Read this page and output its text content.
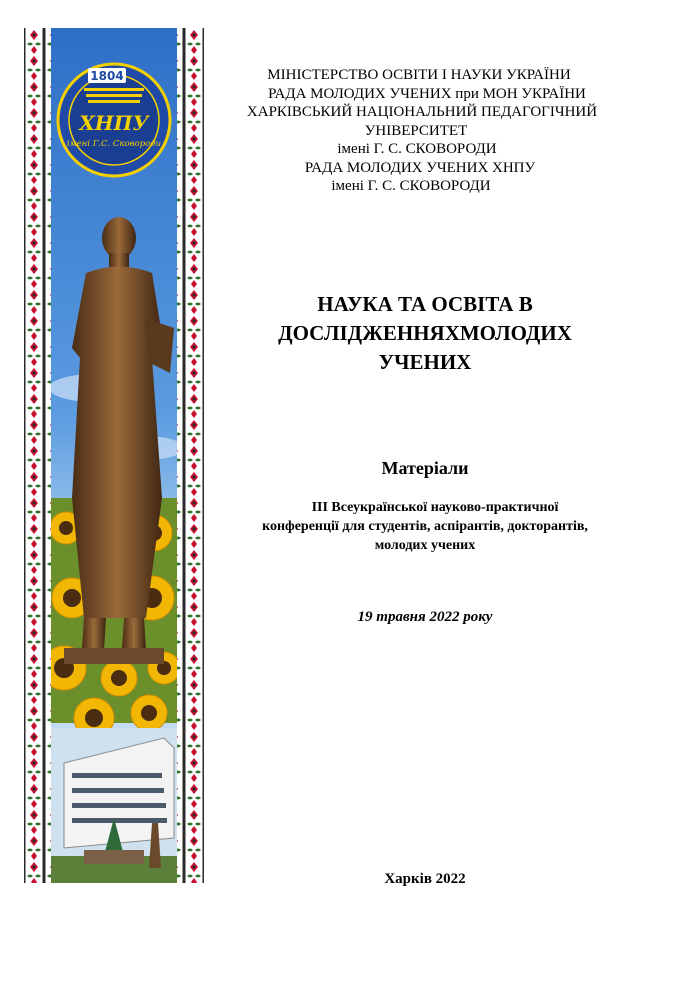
1804
ХНПУ
імені Г.С. Сковороди
МІНІСТЕРСТВО ОСВІТИ І НАУКИ УКРАЇНИ
РАДА МОЛОДИХ УЧЕНИХ при МОН УКРАЇНИ
ХАРКІВСЬКИЙ НАЦІОНАЛЬНИЙ ПЕДАГОГІЧНИЙ
УНІВЕРСИТЕТ
імені Г. С. СКОВОРОДИ
РАДА МОЛОДИХ УЧЕНИХ ХНПУ
імені Г. С. СКОВОРОДИ
НАУКА ТА ОСВІТА В
ДОСЛІДЖЕННЯХМОЛОДИХ
УЧЕНИХ
Матеріали
ІІІ Всеукраїнської науково-практичної
конференції для студентів, аспірантів, докторантів,
молодих учених
19 травня 2022 року
Харків 2022
